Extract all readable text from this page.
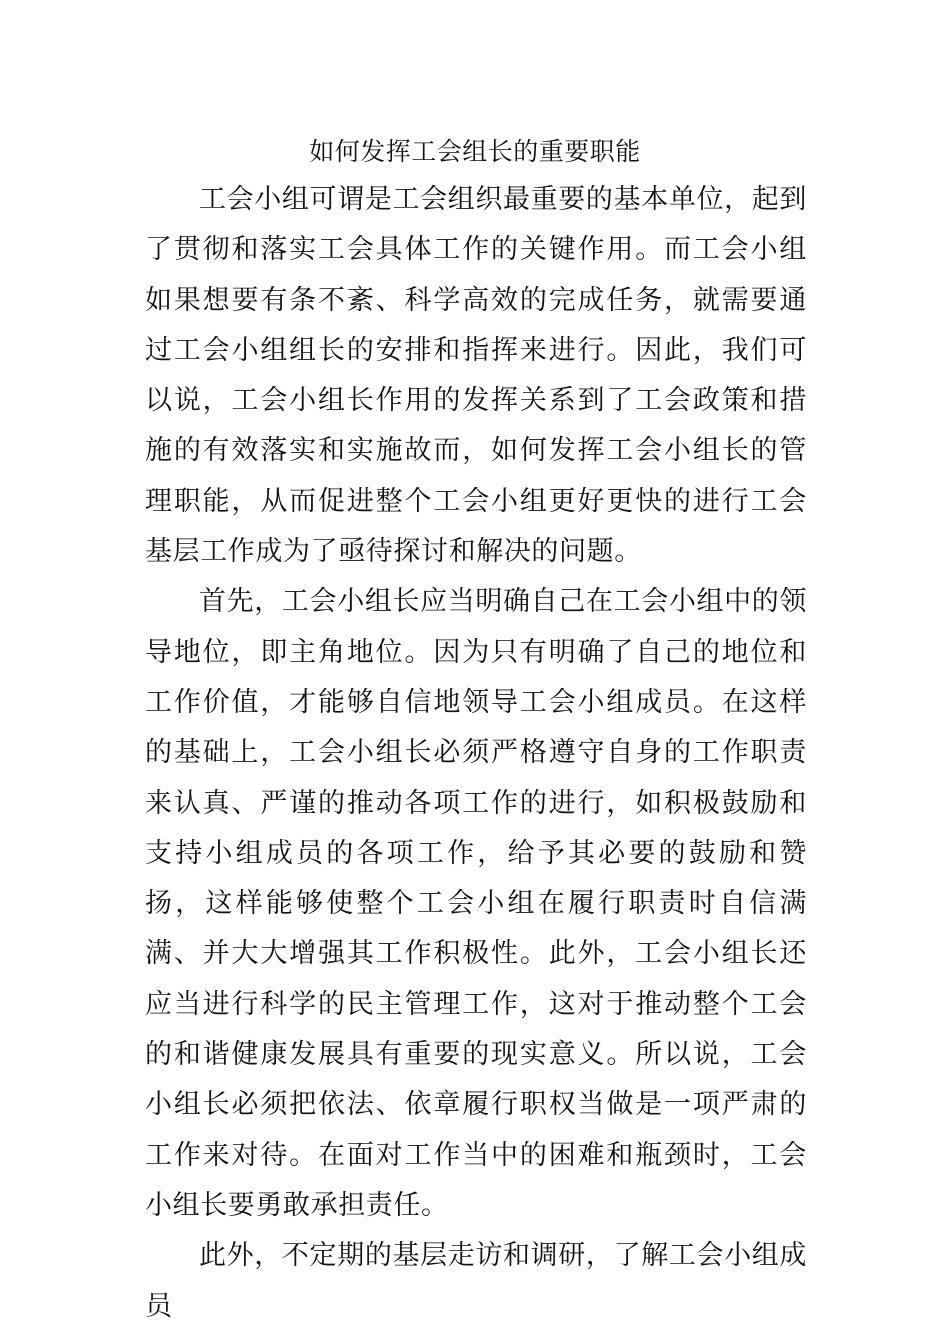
如何发挥工会组长的重要职能

工会小组可谓是工会组织最重要的基本单位，起到了贯彻和落实工会具体工作的关键作用。而工会小组如果想要有条不紊、科学高效的完成任务，就需要通过工会小组组长的安排和指挥来进行。因此，我们可以说，工会小组长作用的发挥关系到了工会政策和措施的有效落实和实施故而，如何发挥工会小组长的管理职能，从而促进整个工会小组更好更快的进行工会基层工作成为了亟待探讨和解决的问题。

首先，工会小组长应当明确自己在工会小组中的领导地位，即主角地位。因为只有明确了自己的地位和工作价值，才能够自信地领导工会小组成员。在这样的基础上，工会小组长必须严格遵守自身的工作职责来认真、严谨的推动各项工作的进行，如积极鼓励和支持小组成员的各项工作，给予其必要的鼓励和赞扬，这样能够使整个工会小组在履行职责时自信满满、并大大增强其工作积极性。此外，工会小组长还应当进行科学的民主管理工作，这对于推动整个工会的和谐健康发展具有重要的现实意义。所以说，工会小组长必须把依法、依章履行职权当做是一项严肃的工作来对待。在面对工作当中的困难和瓶颈时，工会小组长要勇敢承担责任。

此外，不定期的基层走访和调研，了解工会小组成员
